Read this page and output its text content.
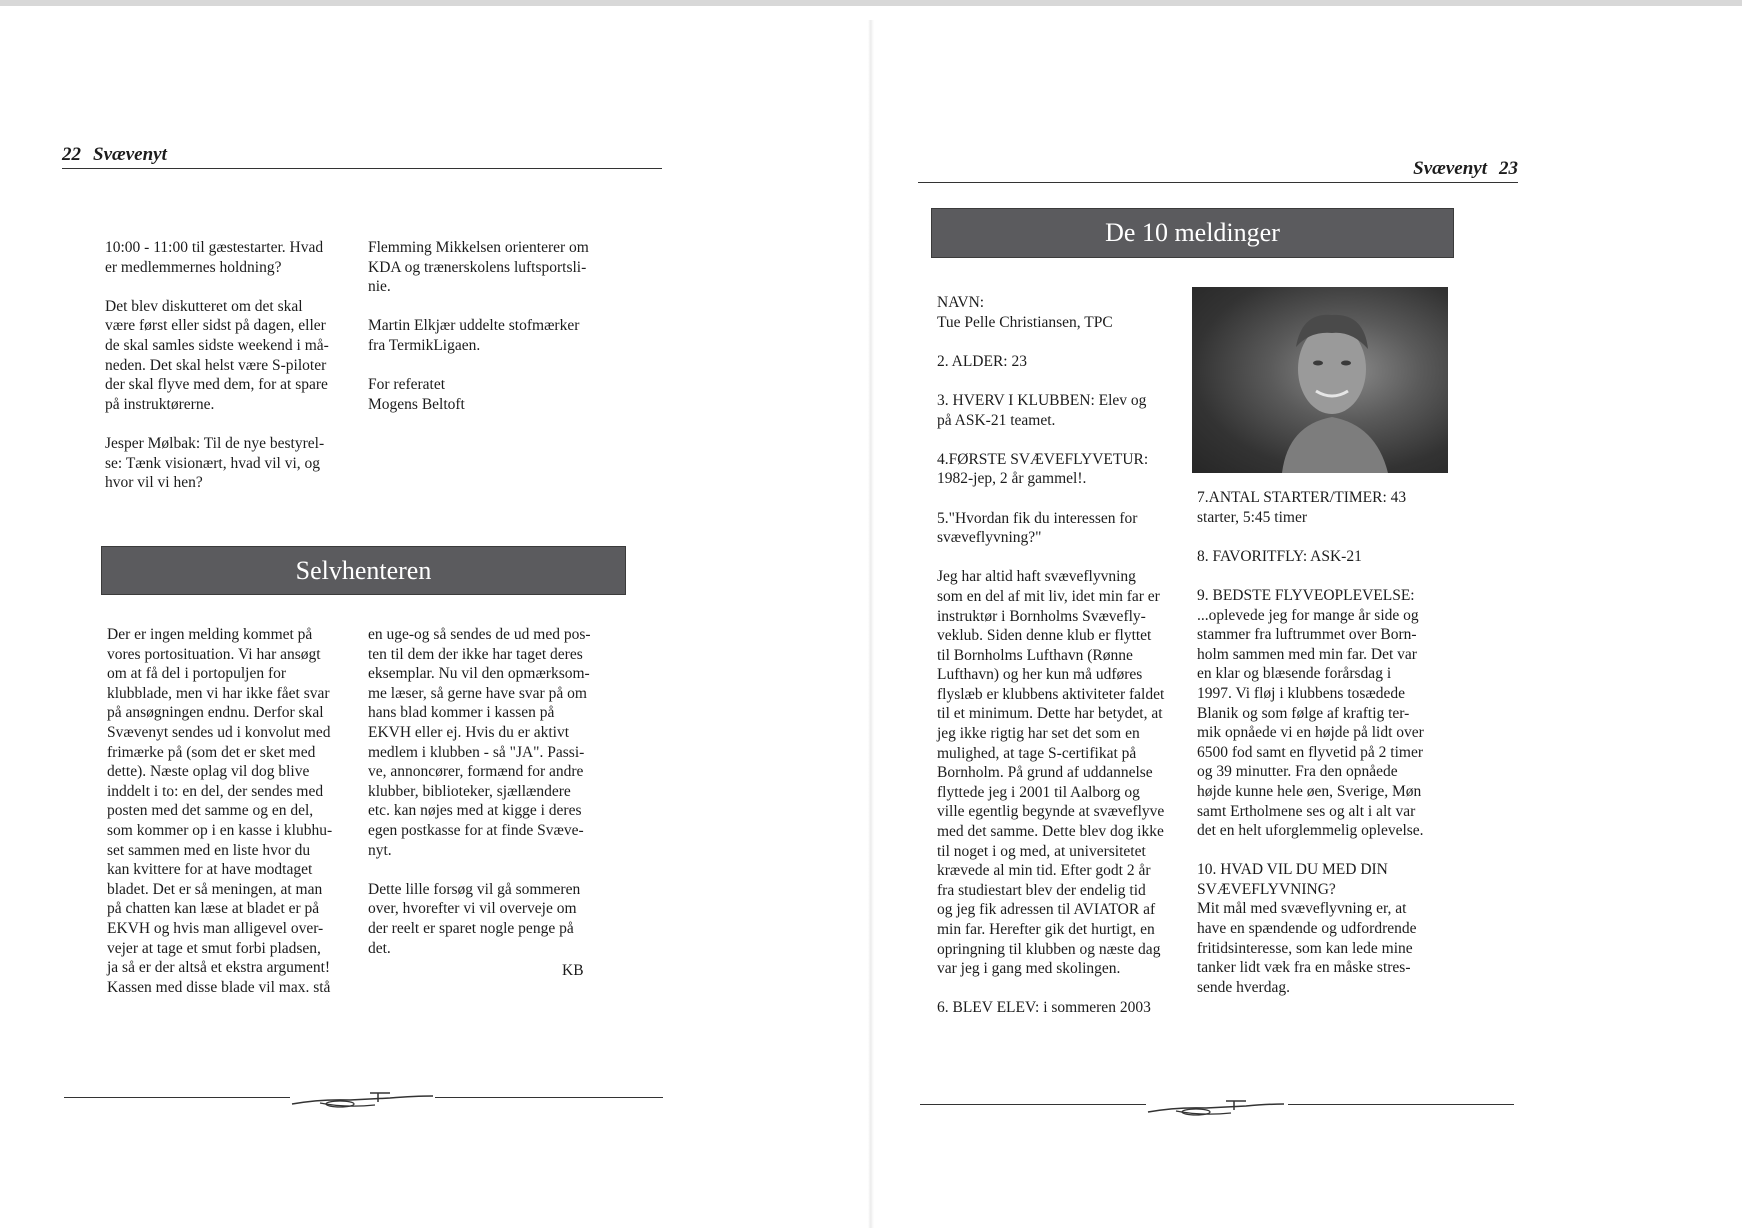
22 Svævenyt
10:00 - 11:00 til gæstestarter. Hvad
er medlemmernes holdning?

Det blev diskutteret om det skal
være først eller sidst på dagen, eller
de skal samles sidste weekend i må-
neden. Det skal helst være S-piloter
der skal flyve med dem, for at spare
på instruktørerne.

Jesper Mølbak: Til de nye bestyrel-
se: Tænk visionært, hvad vil vi, og
hvor vil vi hen?
Flemming Mikkelsen orienterer om
KDA og trænerskolens luftsportsli-
nie.

Martin Elkjær uddelte stofmærker
fra TermikLigaen.

For referatet
Mogens Beltoft
Selvhenteren
Der er ingen melding kommet på
vores portosituation. Vi har ansøgt
om at få del i portopuljen for
klubblade, men vi har ikke fået svar
på ansøgningen endnu. Derfor skal
Svævenyt sendes ud i konvolut med
frimærke på (som det er sket med
dette). Næste oplag vil dog blive
inddelt i to: en del, der sendes med
posten med det samme og en del,
som kommer op i en kasse i klubhu-
set sammen med en liste hvor du
kan kvittere for at have modtaget
bladet. Det er så meningen, at man
på chatten kan læse at bladet er på
EKVH og hvis man alligevel over-
vejer at tage et smut forbi pladsen,
ja så er der altså et ekstra argument!
Kassen med disse blade vil max. stå
en uge-og så sendes de ud med pos-
ten til dem der ikke har taget deres
eksemplar. Nu vil den opmærksom-
me læser, så gerne have svar på om
hans blad kommer i kassen på
EKVH eller ej. Hvis du er aktivt
medlem i klubben - så "JA". Passi-
ve, annoncører, formænd for andre
klubber, biblioteker, sjællændere
etc. kan nøjes med at kigge i deres
egen postkasse for at finde Svæve-
nyt.

Dette lille forsøg vil gå sommeren
over, hvorefter vi vil overveje om
der reelt er sparet nogle penge på
det.
KB
Svævenyt 23
De 10 meldinger
NAVN:
Tue Pelle Christiansen, TPC

2. ALDER: 23

3. HVERV I KLUBBEN: Elev og
på ASK-21 teamet.

4.FØRSTE SVÆVEFLYVETUR:
1982-jep, 2 år gammel!.

5."Hvordan fik du interessen for
svæveflyvning?"

Jeg har altid haft svæveflyvning
som en del af mit liv, idet min far er
instruktør i Bornholms Svævefly-
veklub. Siden denne klub er flyttet
til Bornholms Lufthavn (Rønne
Lufthavn) og her kun må udføres
flyslæb er klubbens aktiviteter faldet
til et minimum. Dette har betydet, at
jeg ikke rigtig har set det som en
mulighed, at tage S-certifikat på
Bornholm. På grund af uddannelse
flyttede jeg i 2001 til Aalborg og
ville egentlig begynde at svæveflyve
med det samme. Dette blev dog ikke
til noget i og med, at universitetet
krævede al min tid. Efter godt 2 år
fra studiestart blev der endelig tid
og jeg fik adressen til AVIATOR af
min far. Herefter gik det hurtigt, en
opringning til klubben og næste dag
var jeg i gang med skolingen.

6. BLEV ELEV: i sommeren 2003
7.ANTAL STARTER/TIMER: 43
starter, 5:45 timer

8. FAVORITFLY: ASK-21

9. BEDSTE FLYVEOPLEVELSE:
...oplevede jeg for mange år side og
stammer fra luftrummet over Born-
holm sammen med min far. Det var
en klar og blæsende forårsdag i
1997. Vi fløj i klubbens tosædede
Blanik og som følge af kraftig ter-
mik opnåede vi en højde på lidt over
6500 fod samt en flyvetid på 2 timer
og 39 minutter. Fra den opnåede
højde kunne hele øen, Sverige, Møn
samt Ertholmene ses og alt i alt var
det en helt uforglemmelig oplevelse.

10. HVAD VIL DU MED DIN
SVÆVEFLYVNING?
Mit mål med svæveflyvning er, at
have en spændende og udfordrende
fritidsinteresse, som kan lede mine
tanker lidt væk fra en måske stres-
sende hverdag.
